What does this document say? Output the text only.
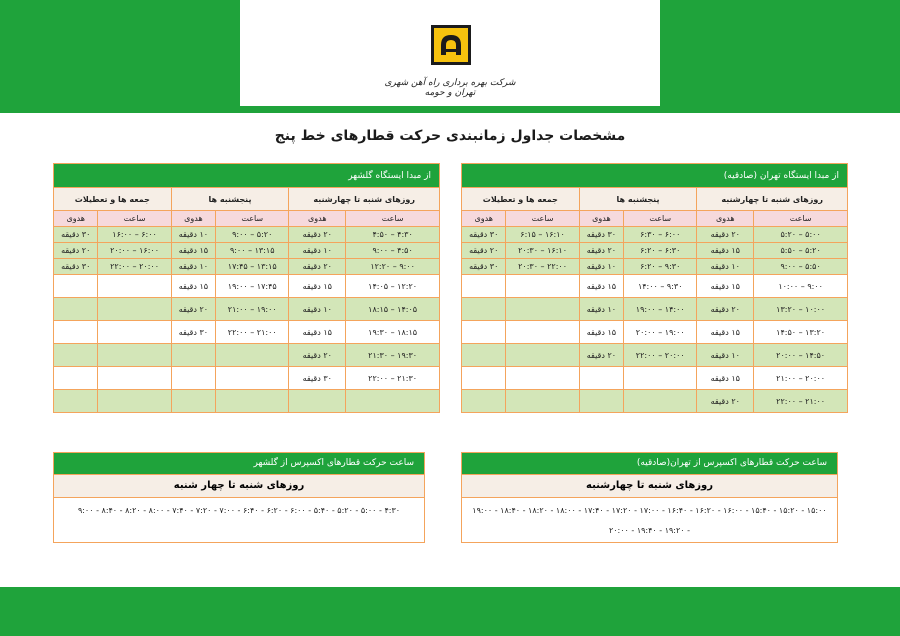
شرکت بهره برداری راه آهن شهری تهران و حومه
مشخصات جداول زمانبندی حرکت قطارهای خط پنج
از مبدا ایستگاه گلشهر					
جمعه ها و تعطیلات		پنجشنبه ها		روزهای شنبه تا چهارشنبه	
هدوی	ساعت	هدوی	ساعت	هدوی	ساعت
۳۰ دقیقه	۶:۰۰ – ۱۶:۰۰	۱۰ دقیقه	۵:۲۰ – ۹:۰۰	۲۰ دقیقه	۴:۳۰ – ۴:۵۰
۲۰ دقیقه	۱۶:۰۰ – ۲۰:۰۰	۱۵ دقیقه	۱۳:۱۵ – ۹:۰۰	۱۰ دقیقه	۴:۵۰ – ۹:۰۰
۳۰ دقیقه	۲۰:۰۰ – ۲۲:۰۰	۱۰ دقیقه	۱۳:۱۵ – ۱۷:۴۵	۲۰ دقیقه	۹:۰۰ – ۱۲:۲۰
		۱۵ دقیقه	۱۷:۴۵ – ۱۹:۰۰	۱۵ دقیقه	۱۲:۲۰ – ۱۴:۰۵
		۲۰ دقیقه	۱۹:۰۰ – ۲۱:۰۰	۱۰ دقیقه	۱۴:۰۵ – ۱۸:۱۵
		۳۰ دقیقه	۲۱:۰۰ – ۲۲:۰۰	۱۵ دقیقه	۱۸:۱۵ – ۱۹:۳۰
				۲۰ دقیقه	۱۹:۳۰ – ۲۱:۳۰
				۳۰ دقیقه	۲۱:۳۰ – ۲۲:۰۰

از مبدا ایستگاه تهران (صادقیه)					
جمعه ها و تعطیلات		پنجشنبه ها		روزهای شنبه تا چهارشنبه	
هدوی	ساعت	هدوی	ساعت	هدوی	ساعت
۳۰ دقیقه	۱۶:۱۰ – ۶:۱۵	۳۰ دقیقه	۶:۰۰ – ۶:۳۰	۲۰ دقیقه	۵:۰۰ – ۵:۲۰
۲۰ دقیقه	۱۶:۱۰ – ۲۰:۳۰	۲۰ دقیقه	۶:۳۰ – ۶:۲۰	۱۵ دقیقه	۵:۲۰ – ۵:۵۰
۳۰ دقیقه	۲۲:۰۰ – ۲۰:۳۰	۱۰ دقیقه	۹:۳۰ – ۶:۲۰	۱۰ دقیقه	۵:۵۰ – ۹:۰۰
		۱۵ دقیقه	۹:۳۰ – ۱۴:۰۰	۱۵ دقیقه	۹:۰۰ – ۱۰:۰۰
		۱۰ دقیقه	۱۴:۰۰ – ۱۹:۰۰	۲۰ دقیقه	۱۰:۰۰ – ۱۳:۲۰
		۱۵ دقیقه	۱۹:۰۰ – ۲۰:۰۰	۱۵ دقیقه	۱۳:۲۰ – ۱۴:۵۰
		۲۰ دقیقه	۲۰:۰۰ – ۲۲:۰۰	۱۰ دقیقه	۱۴:۵۰ – ۲۰:۰۰
				۱۵ دقیقه	۲۰:۰۰ – ۲۱:۰۰
				۲۰ دقیقه	۲۱:۰۰ – ۲۲:۰۰
ساعت حرکت قطارهای اکسپرس از گلشهر
روزهای شنبه تا چهار شنبه
۴:۳۰ - ۵:۰۰ - ۵:۲۰ - ۵:۴۰ - ۶:۰۰ - ۶:۲۰ - ۶:۴۰ - ۷:۰۰ - ۷:۲۰ - ۷:۴۰ - ۸:۰۰ - ۸:۲۰ - ۸:۴۰ - ۹:۰۰
ساعت حرکت قطارهای اکسپرس از تهران(صادقیه)
روزهای شنبه تا چهارشنبه
۱۵:۰۰ - ۱۵:۲۰ - ۱۵:۴۰ - ۱۶:۰۰ - ۱۶:۲۰ - ۱۶:۴۰ - ۱۷:۰۰ - ۱۷:۲۰ - ۱۷:۴۰ - ۱۸:۰۰ - ۱۸:۲۰ - ۱۸:۴۰ - ۱۹:۰۰ - ۱۹:۲۰ - ۱۹:۴۰ - ۲۰:۰۰
